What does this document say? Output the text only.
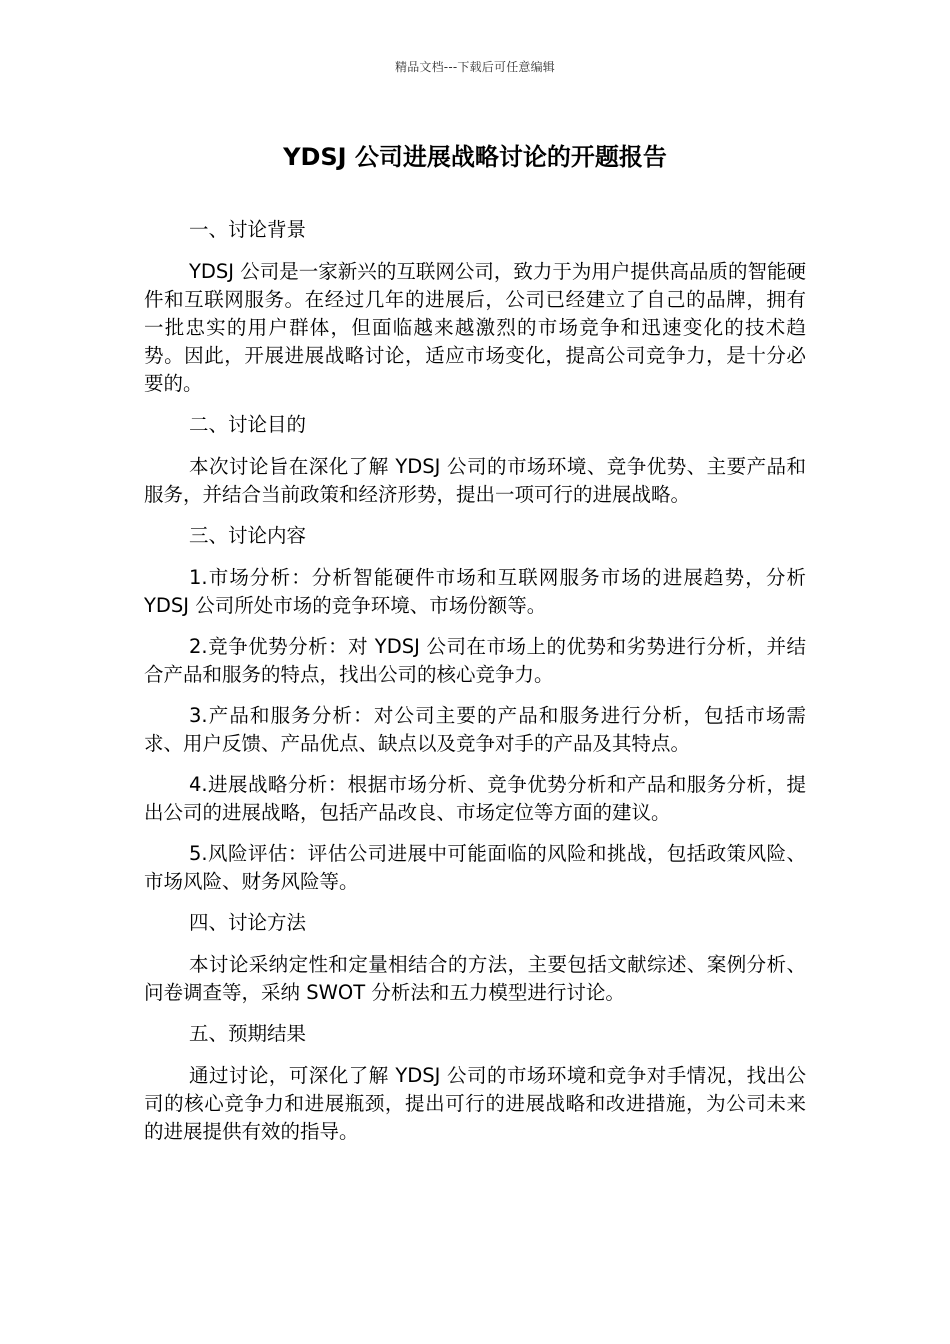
精品文档---下载后可任意编辑
YDSJ 公司进展战略讨论的开题报告

一、讨论背景

YDSJ 公司是一家新兴的互联网公司，致力于为用户提供高品质的智能硬件和互联网服务。在经过几年的进展后，公司已经建立了自己的品牌，拥有一批忠实的用户群体，但面临越来越激烈的市场竞争和迅速变化的技术趋势。因此，开展进展战略讨论，适应市场变化，提高公司竞争力，是十分必要的。

二、讨论目的

本次讨论旨在深化了解 YDSJ 公司的市场环境、竞争优势、主要产品和服务，并结合当前政策和经济形势，提出一项可行的进展战略。

三、讨论内容

1.市场分析：分析智能硬件市场和互联网服务市场的进展趋势，分析 YDSJ 公司所处市场的竞争环境、市场份额等。

2.竞争优势分析：对 YDSJ 公司在市场上的优势和劣势进行分析，并结合产品和服务的特点，找出公司的核心竞争力。

3.产品和服务分析：对公司主要的产品和服务进行分析，包括市场需求、用户反馈、产品优点、缺点以及竞争对手的产品及其特点。

4.进展战略分析：根据市场分析、竞争优势分析和产品和服务分析，提出公司的进展战略，包括产品改良、市场定位等方面的建议。

5.风险评估：评估公司进展中可能面临的风险和挑战，包括政策风险、市场风险、财务风险等。

四、讨论方法

本讨论采纳定性和定量相结合的方法，主要包括文献综述、案例分析、问卷调查等，采纳 SWOT 分析法和五力模型进行讨论。

五、预期结果

通过讨论，可深化了解 YDSJ 公司的市场环境和竞争对手情况，找出公司的核心竞争力和进展瓶颈，提出可行的进展战略和改进措施，为公司未来的进展提供有效的指导。
